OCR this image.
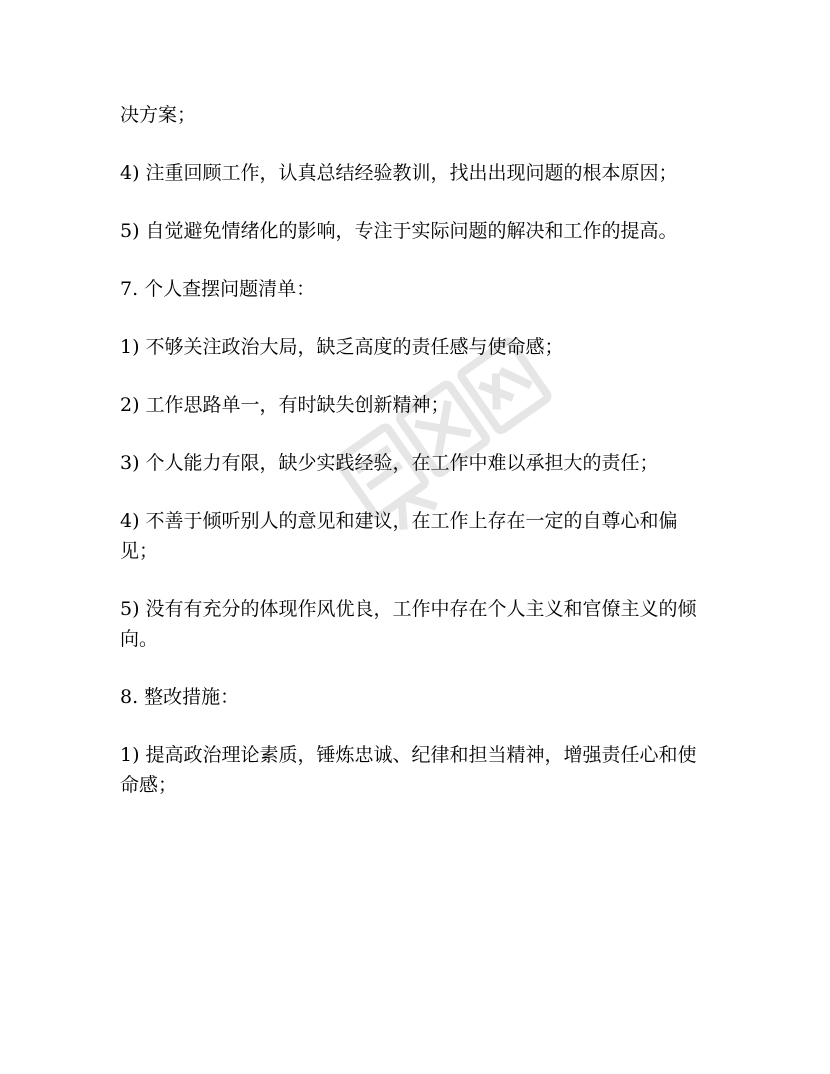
决方案；

4) 注重回顾工作，认真总结经验教训，找出出现问题的根本原因；

5) 自觉避免情绪化的影响，专注于实际问题的解决和工作的提高。

7. 个人查摆问题清单：

1) 不够关注政治大局，缺乏高度的责任感与使命感；

2) 工作思路单一，有时缺失创新精神；

3) 个人能力有限，缺少实践经验，在工作中难以承担大的责任；

4) 不善于倾听别人的意见和建议，在工作上存在一定的自尊心和偏见；

5) 没有有充分的体现作风优良，工作中存在个人主义和官僚主义的倾向。

8. 整改措施：

1) 提高政治理论素质，锤炼忠诚、纪律和担当精神，增强责任心和使命感；
